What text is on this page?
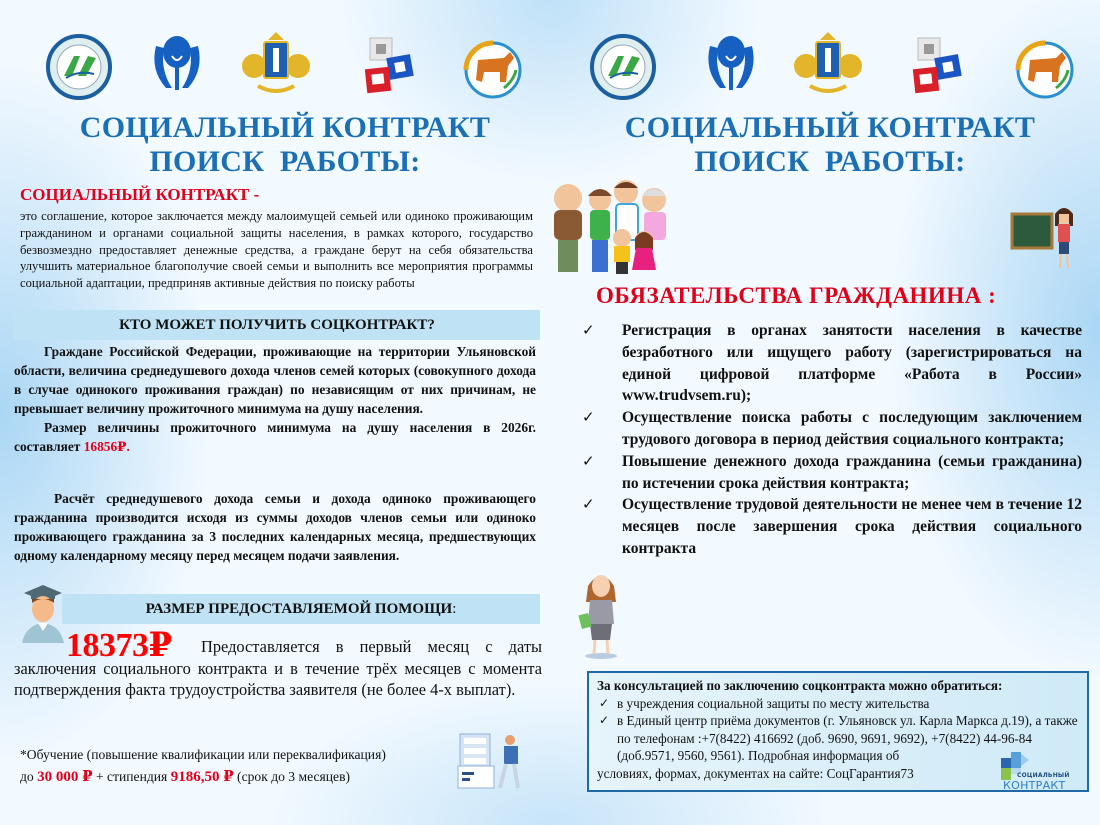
СОЦИАЛЬНЫЙ КОНТРАКТ
ПОИСК  РАБОТЫ:
СОЦИАЛЬНЫЙ КОНТРАКТ -
это соглашение, которое заключается между малоимущей семьей или одиноко проживающим гражданином и органами социальной защиты населения, в рамках которого, государство безвозмездно предоставляет денежные средства, а граждане берут на себя обязательства улучшить материальное благополучие своей семьи и выполнить все мероприятия программы социальной адаптации, предприняв активные действия по поиску работы
КТО МОЖЕТ ПОЛУЧИТЬ СОЦКОНТРАКТ?

Граждане Российской Федерации, проживающие на территории Ульяновской области, величина среднедушевого дохода членов семей которых (совокупного дохода в случае одинокого проживания граждан) по независящим от них причинам, не превышает величину прожиточного минимума на душу населения.

Размер величины прожиточного минимума на душу населения в 2026г. составляет 16856₽.

Расчёт среднедушевого дохода семьи и дохода одиноко проживающего гражданина производится исходя из суммы доходов членов семьи или одиноко проживающего гражданина за 3 последних календарных месяца, предшествующих одному календарному месяцу перед месяцем подачи заявления.
РАЗМЕР ПРЕДОСТАВЛЯЕМОЙ ПОМОЩИ:
18373₽	Предоставляется в первый месяц с даты заключения социального контракта и в течение трёх месяцев с момента подтверждения факта трудоустройства заявителя (не более 4-х выплат).
*Обучение (повышение квалификации или переквалификация)
до 30 000 ₽ + стипендия 9186,50 ₽ (срок до 3 месяцев)
СОЦИАЛЬНЫЙ КОНТРАКТ
ПОИСК  РАБОТЫ:
ОБЯЗАТЕЛЬСТВА ГРАЖДАНИНА :
✓ Регистрация в органах занятости населения в качестве безработного или ищущего работу (зарегистрироваться на единой цифровой платформе «Работа в России» www.trudvsem.ru);
✓ Осуществление поиска работы с последующим заключением трудового договора в период действия социального контракта;
✓ Повышение денежного дохода гражданина (семьи гражданина) по истечении срока действия контракта;
✓ Осуществление трудовой деятельности не менее чем в течение 12 месяцев после завершения срока действия социального контракта
За консультацией по заключению соцконтракта можно обратиться:
✓ в учреждения социальной защиты по месту жительства
✓ в Единый центр приёма документов (г. Ульяновск ул. Карла Маркса д.19), а также по телефонам :+7(8422) 416692 (доб. 9690, 9691, 9692), +7(8422) 44-96-84 (доб.9571, 9560, 9561). Подробная информация об
условиях, формах, документах на сайте: СоцГарантия73	СОЦИАЛЬНЫЙ
КОНТРАКТ
